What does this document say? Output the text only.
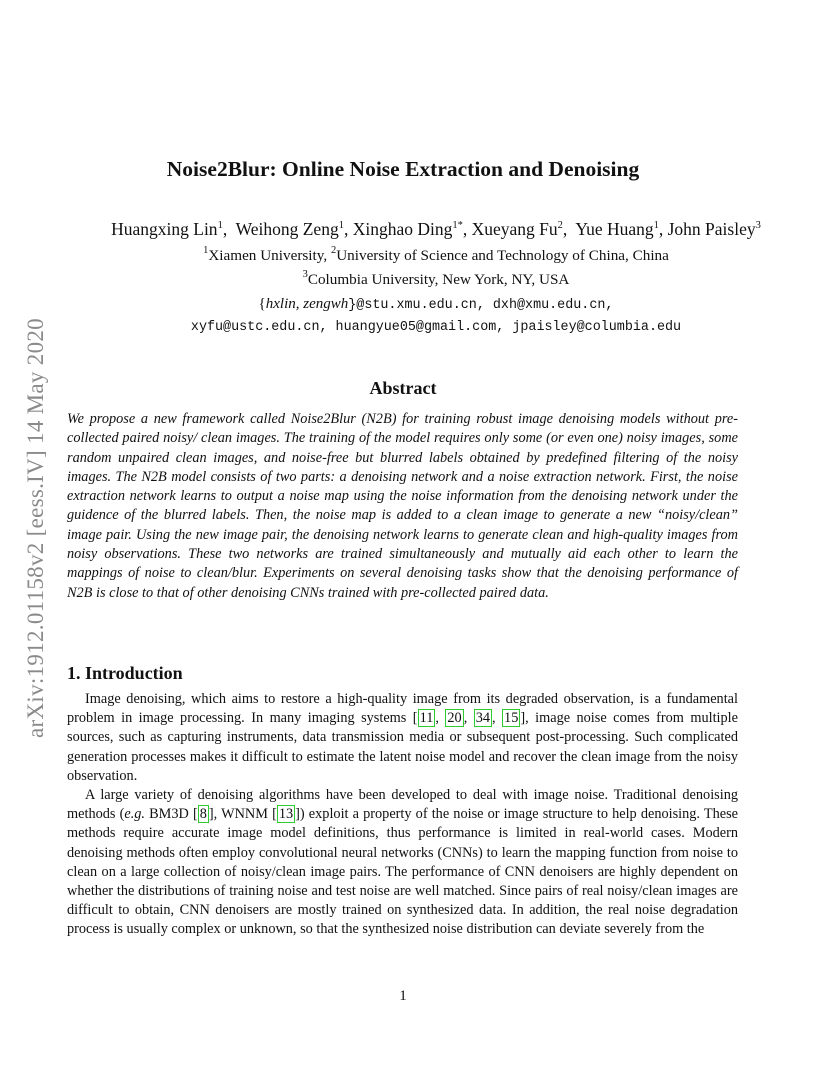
arXiv:1912.01158v2 [eess.IV] 14 May 2020
Noise2Blur: Online Noise Extraction and Denoising
Huangxing Lin$^1$,  Weihong Zeng$^1$, Xinghao Ding$^{1*}$, Xueyang Fu$^2$,  Yue Huang$^1$, John Paisley$^3$
$^1$Xiamen University, $^2$University of Science and Technology of China, China
$^3$Columbia University, New York, NY, USA
{hxlin, zengwh}@stu.xmu.edu.cn, dxh@xmu.edu.cn,
xyfu@ustc.edu.cn, huangyue05@gmail.com, jpaisley@columbia.edu
Abstract

We propose a new framework called Noise2Blur (N2B) for training robust image denoising models without pre-collected paired noisy/ clean images. The training of the model requires only some (or even one) noisy images, some random unpaired clean images, and noise-free but blurred labels obtained by predefined filtering of the noisy images. The N2B model consists of two parts: a denoising network and a noise extraction network. First, the noise extraction network learns to output a noise map using the noise information from the denoising network under the guidence of the blurred labels. Then, the noise map is added to a clean image to generate a new “noisy/clean” image pair. Using the new image pair, the denoising network learns to generate clean and high-quality images from noisy observations. These two networks are trained simultaneously and mutually aid each other to learn the mappings of noise to clean/blur. Experiments on several denoising tasks show that the denoising performance of N2B is close to that of other denoising CNNs trained with pre-collected paired data.

1. Introduction

Image denoising, which aims to restore a high-quality image from its degraded observation, is a fundamental problem in image processing. In many imaging systems [ 11 , 20 , 34 , 15 ], image noise comes from multiple sources, such as capturing instruments, data transmission media or subsequent post-processing. Such complicated generation processes makes it difficult to estimate the latent noise model and recover the clean image from the noisy observation.

A large variety of denoising algorithms have been developed to deal with image noise. Traditional denoising methods (e.g. BM3D [ 8 ], WNNM [ 13 ]) exploit a property of the noise or image structure to help denoising. These methods require accurate image model definitions, thus performance is limited in real-world cases. Modern denoising methods often employ convolutional neural networks (CNNs) to learn the mapping function from noise to clean on a large collection of noisy/clean image pairs. The performance of CNN denoisers are highly dependent on whether the distributions of training noise and test noise are well matched. Since pairs of real noisy/clean images are difficult to obtain, CNN denoisers are mostly trained on synthesized data. In addition, the real noise degradation process is usually complex or unknown, so that the synthesized noise distribution can deviate severely from the

1
